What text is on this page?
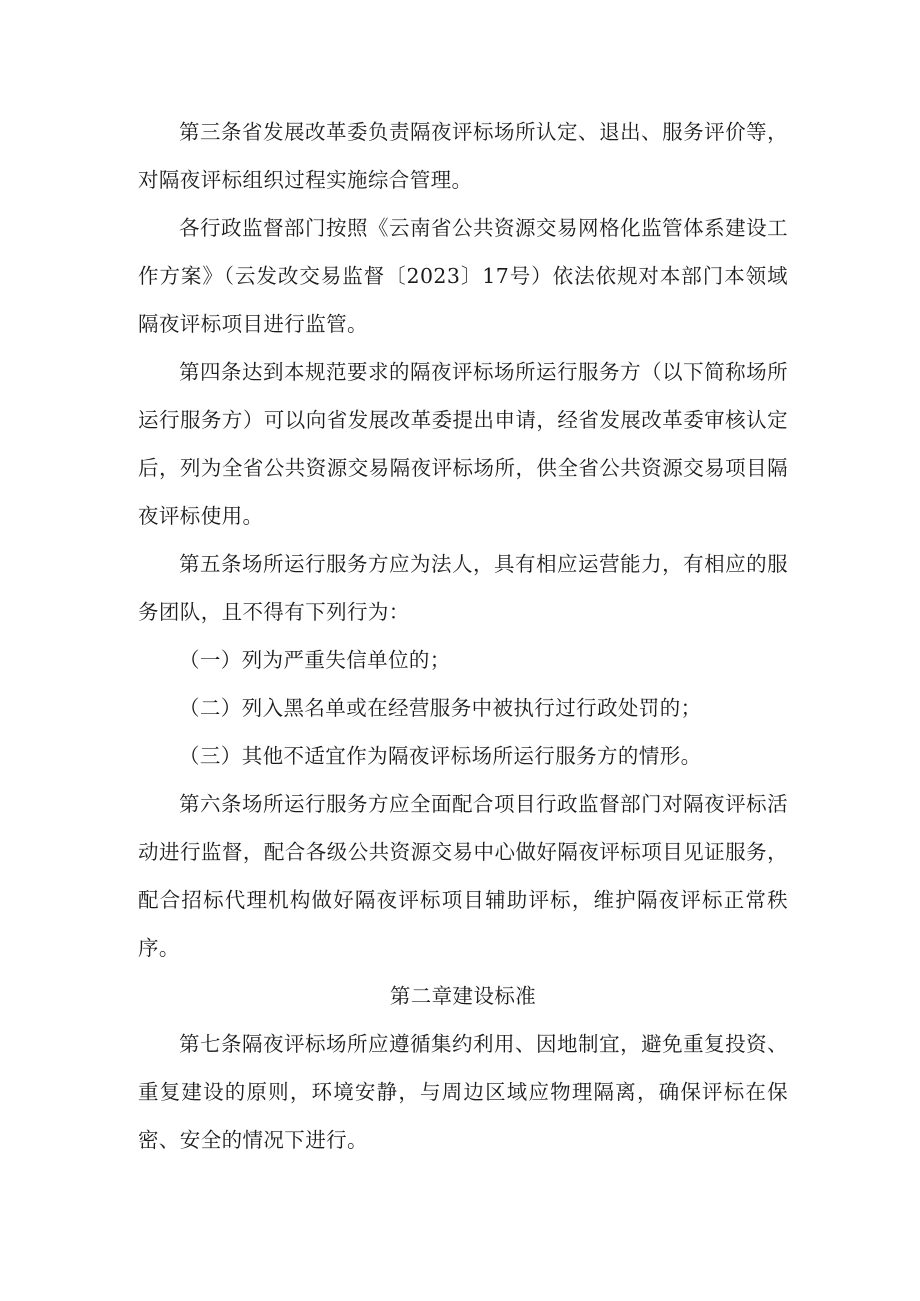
第三条省发展改革委负责隔夜评标场所认定、退出、服务评价等，对隔夜评标组织过程实施综合管理。

各行政监督部门按照《云南省公共资源交易网格化监管体系建设工作方案》（云发改交易监督〔2023〕17号）依法依规对本部门本领域隔夜评标项目进行监管。

第四条达到本规范要求的隔夜评标场所运行服务方（以下简称场所运行服务方）可以向省发展改革委提出申请，经省发展改革委审核认定后，列为全省公共资源交易隔夜评标场所，供全省公共资源交易项目隔夜评标使用。

第五条场所运行服务方应为法人，具有相应运营能力，有相应的服务团队，且不得有下列行为：

（一）列为严重失信单位的；

（二）列入黑名单或在经营服务中被执行过行政处罚的；

（三）其他不适宜作为隔夜评标场所运行服务方的情形。

第六条场所运行服务方应全面配合项目行政监督部门对隔夜评标活动进行监督，配合各级公共资源交易中心做好隔夜评标项目见证服务，配合招标代理机构做好隔夜评标项目辅助评标，维护隔夜评标正常秩序。

第二章建设标准

第七条隔夜评标场所应遵循集约利用、因地制宜，避免重复投资、重复建设的原则，环境安静，与周边区域应物理隔离，确保评标在保密、安全的情况下进行。
